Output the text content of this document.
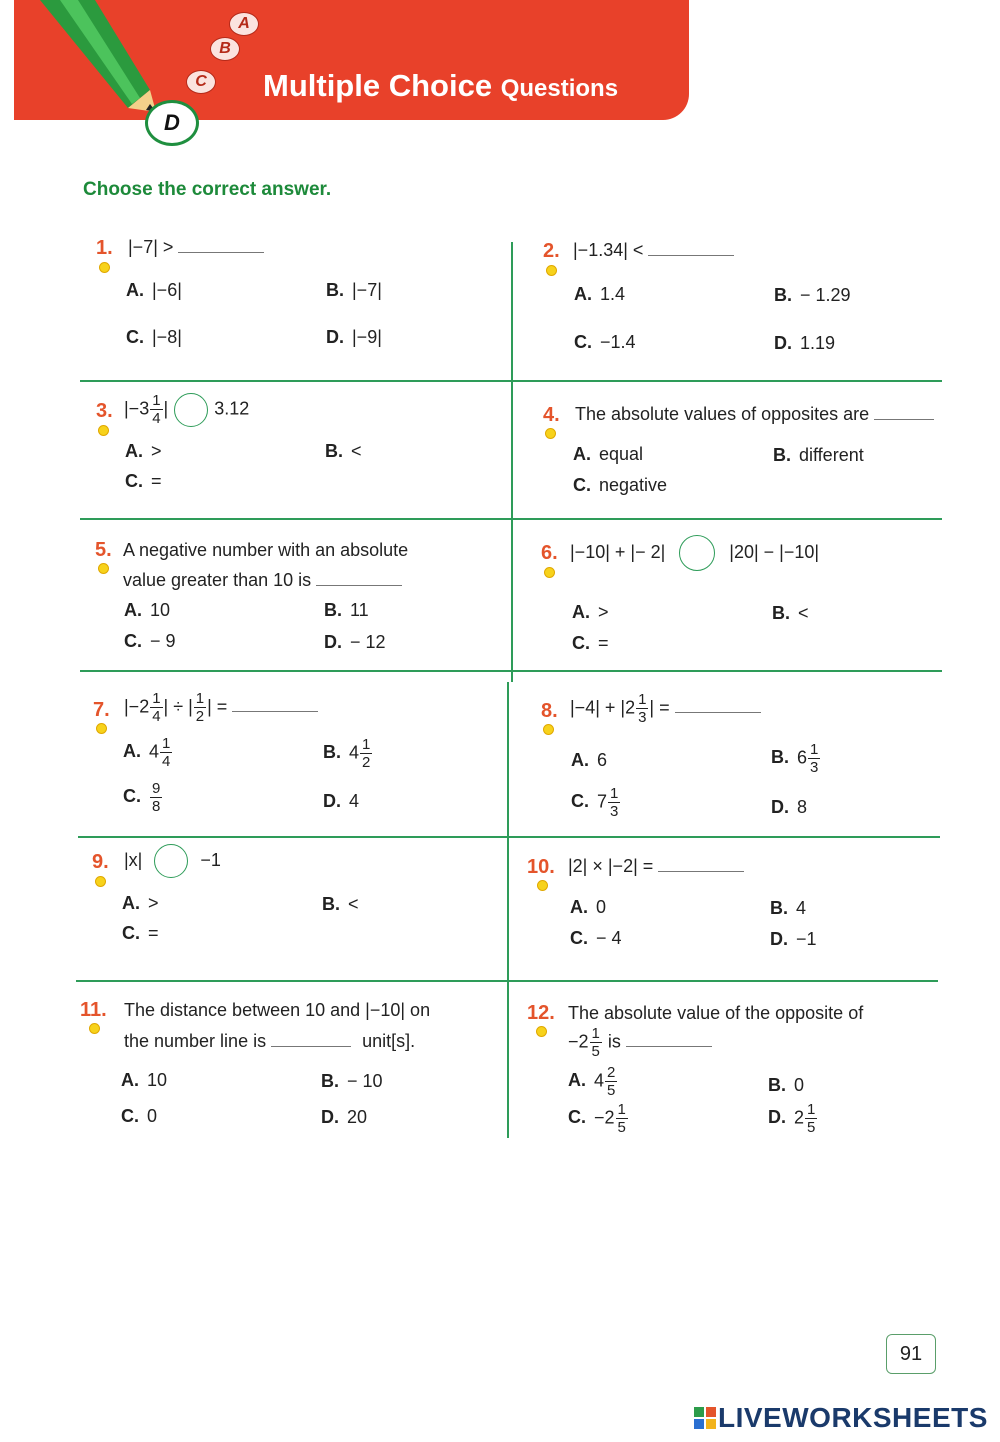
A
B
C
D
Multiple Choice Questions
Choose the correct answer.
1. |−7| >
A. |−6|	B. |−7|
C. |−8|	D. |−9|
2. |−1.34| <
A. 1.4	B. − 1.29
C. −1.4	D. 1.19
3. $|-3 \frac{1}{4}$ |	3.12
A. >	B. <
C. =
4. The absolute values of opposites are
A. equal	B. different
C. negative
5. A negative number with an absolute
value greater than 10 is
A. 10	B. 11
C. − 9	D. − 12
6. |−10| + |− 2|	|20| − |−10|
A. >	B. <
C. =
7. $|-2 \frac{1}{4}$ | ÷ | $\frac{1}{2}$ | =
A. $4 \frac{1}{4}$	B. $4 \frac{1}{2}$
C. $\frac{9}{8}$	D. 4
8. $|-4| + |2 \frac{1}{3}$ | =
A. 6	B. $6 \frac{1}{3}$
C. $7 \frac{1}{3}$	D. 8
9. |x|	−1
A. >	B. <
C. =
10. |2| × |−2| =
A. 0	B. 4
C. − 4	D. −1
11. The distance between 10 and |−10| on
the number line is	unit[s].
A. 10	B. − 10
C. 0	D. 20
12. The absolute value of the opposite of
$-2 \frac{1}{5}$ is
A. $4 \frac{2}{5}$	B. 0
C. $-2 \frac{1}{5}$	D. $2 \frac{1}{5}$
91
LIVEWORKSHEETS
